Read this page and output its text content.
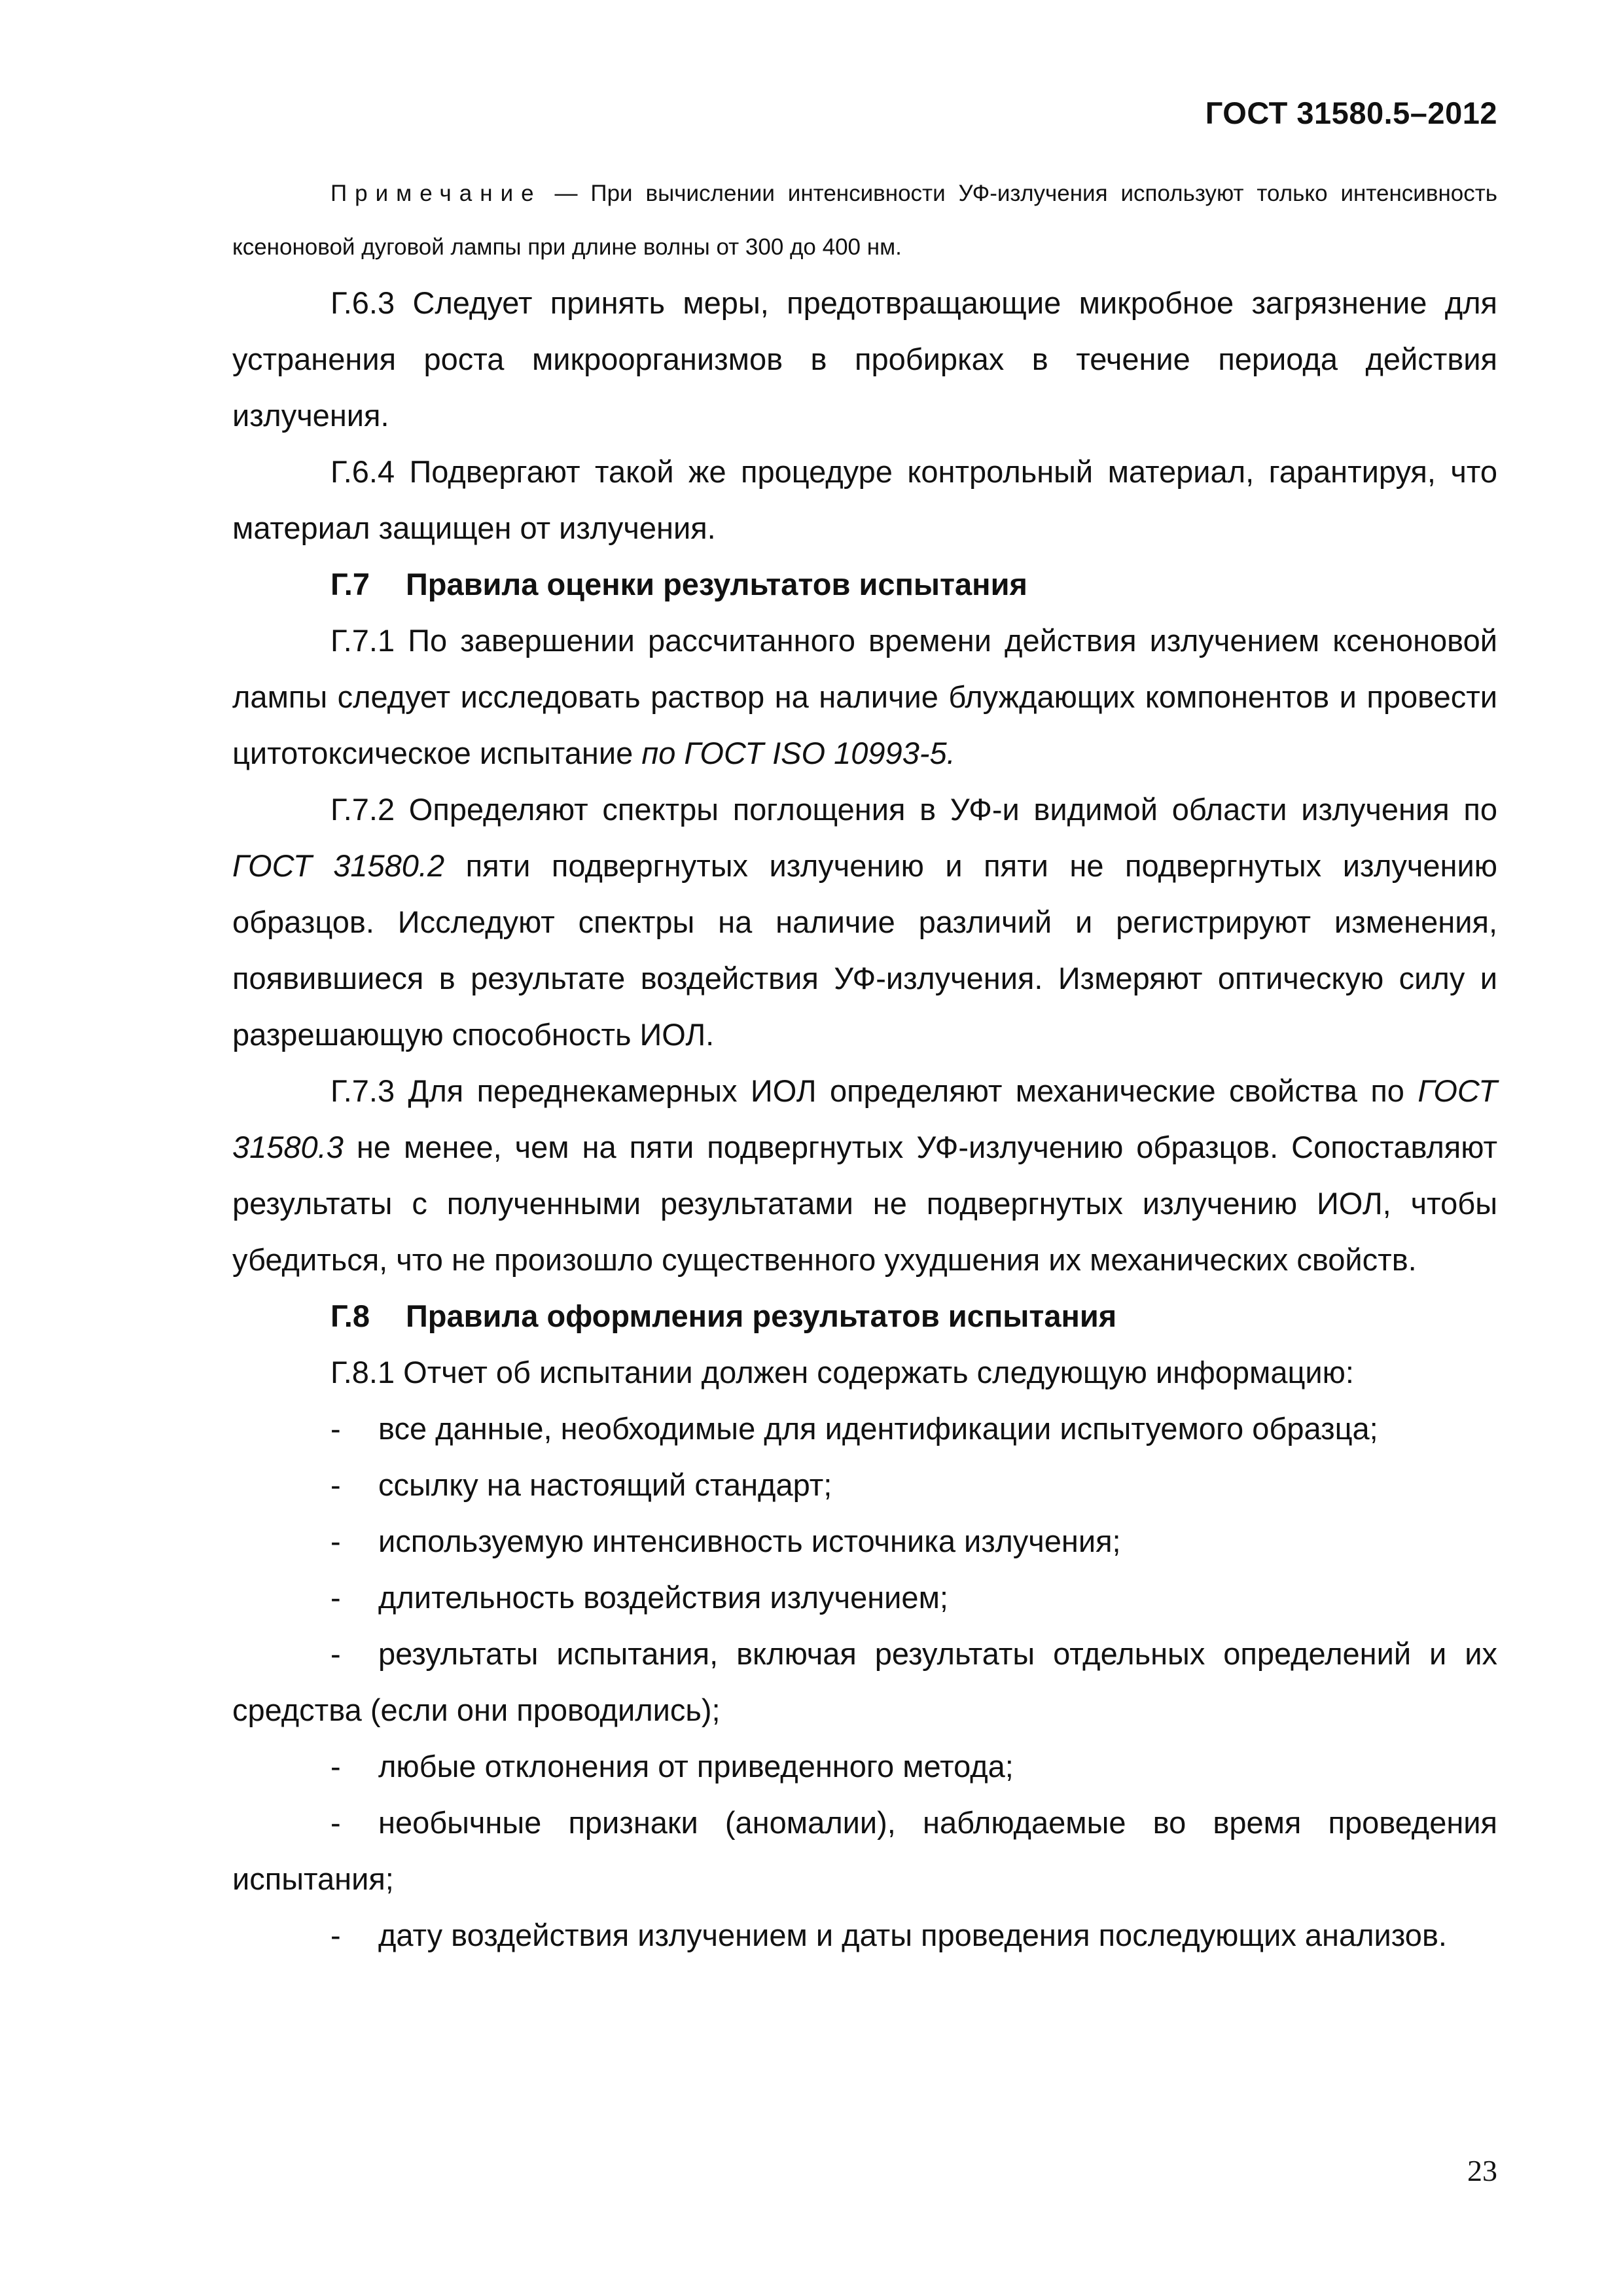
ГОСТ 31580.5–2012
Примечание — При вычислении интенсивности УФ-излучения используют только интенсивность ксеноновой дуговой лампы при длине волны от 300 до 400 нм.

Г.6.3 Следует принять меры, предотвращающие микробное загрязнение для устранения роста микроорганизмов в пробирках в течение периода действия излучения.

Г.6.4 Подвергают такой же процедуре контрольный материал, гарантируя, что материал защищен от излучения.

Г.7 Правила оценки результатов испытания

Г.7.1 По завершении рассчитанного времени действия излучением ксеноновой лампы следует исследовать раствор на наличие блуждающих компонентов и провести цитотоксическое испытание по ГОСТ ISO 10993-5.

Г.7.2 Определяют спектры поглощения в УФ-и видимой области излучения по ГОСТ 31580.2 пяти подвергнутых излучению и пяти не подвергнутых излучению образцов. Исследуют спектры на наличие различий и регистрируют изменения, появившиеся в результате воздействия УФ-излучения. Измеряют оптическую силу и разрешающую способность ИОЛ.

Г.7.3 Для переднекамерных ИОЛ определяют механические свойства по ГОСТ 31580.3 не менее, чем на пяти подвергнутых УФ-излучению образцов. Сопоставляют результаты с полученными результатами не подвергнутых излучению ИОЛ, чтобы убедиться, что не произошло существенного ухудшения их механических свойств.

Г.8 Правила оформления результатов испытания

Г.8.1 Отчет об испытании должен содержать следующую информацию:

- все данные, необходимые для идентификации испытуемого образца;

- ссылку на настоящий стандарт;

- используемую интенсивность источника излучения;

- длительность воздействия излучением;

- результаты испытания, включая результаты отдельных определений и их средства (если они проводились);

- любые отклонения от приведенного метода;

- необычные признаки (аномалии), наблюдаемые во время проведения испытания;

- дату воздействия излучением и даты проведения последующих анализов.

23
